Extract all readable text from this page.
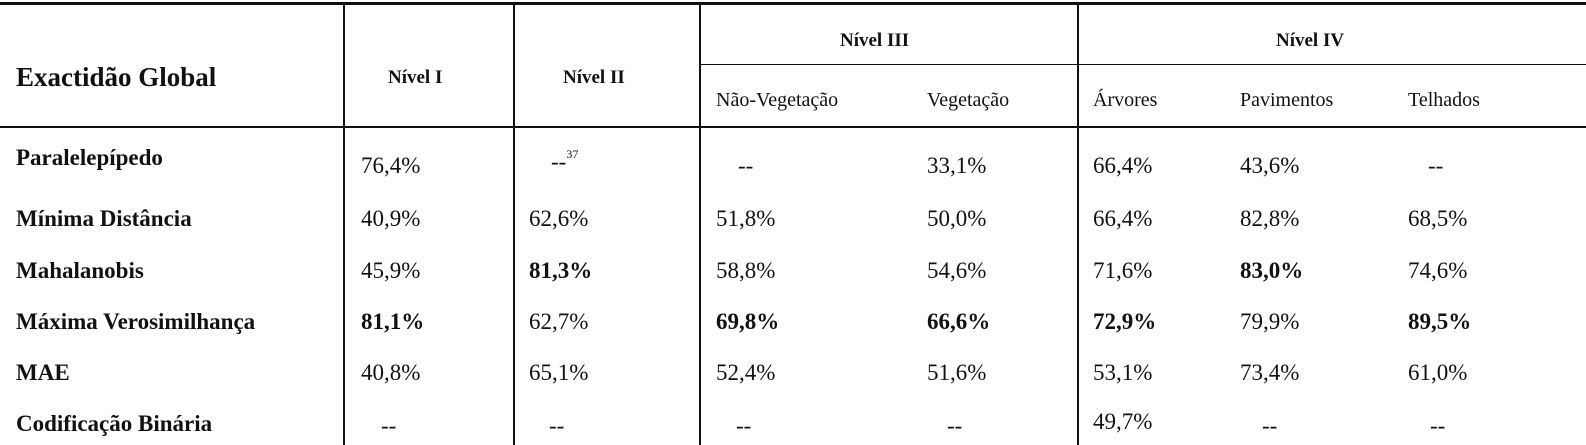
Exactidão Global	Nível I	Nível II
Nível III	Nível IV
Não-Vegetação	Vegetação	Árvores	Pavimentos	Telhados
Paralelepípedo	76,4%	--$^{37}$	--	33,1%	66,4%	43,6%	--
Mínima Distância	40,9%	62,6%	51,8%	50,0%	66,4%	82,8%	68,5%
Mahalanobis	45,9%	81,3%	58,8%	54,6%	71,6%	83,0%	74,6%
Máxima Verosimilhança	81,1%	62,7%	69,8%	66,6%	72,9%	79,9%	89,5%
MAE	40,8%	65,1%	52,4%	51,6%	53,1%	73,4%	61,0%
Codificação Binária	--	--	--	--	49,7%	--	--
